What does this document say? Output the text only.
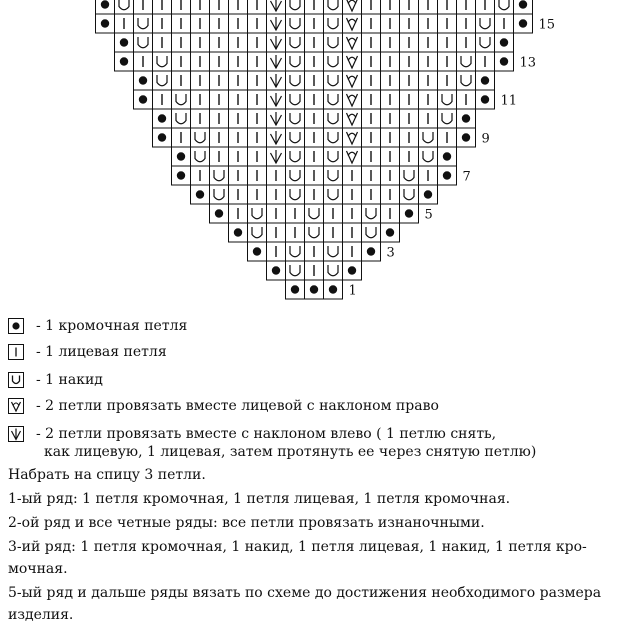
1
3
5
7
9
11
13
15
- 1 кромочная петля
- 1 лицевая петля
- 1 накид
- 2 петли провязать вместе лицевой с наклоном право
- 2 петли провязать вместе с наклоном влево ( 1 петлю снять,
как лицевую, 1 лицевая, затем протянуть ее через снятую петлю)
Набрать на спицу 3 петли.
1-ый ряд: 1 петля кромочная, 1 петля лицевая, 1 петля кромочная.
2-ой ряд и все четные ряды: все петли провязать изнаночными.
3-ий ряд: 1 петля кромочная, 1 накид, 1 петля лицевая, 1 накид, 1 петля кро-
мочная.
5-ый ряд и дальше ряды вязать по схеме до достижения необходимого размера
изделия.
